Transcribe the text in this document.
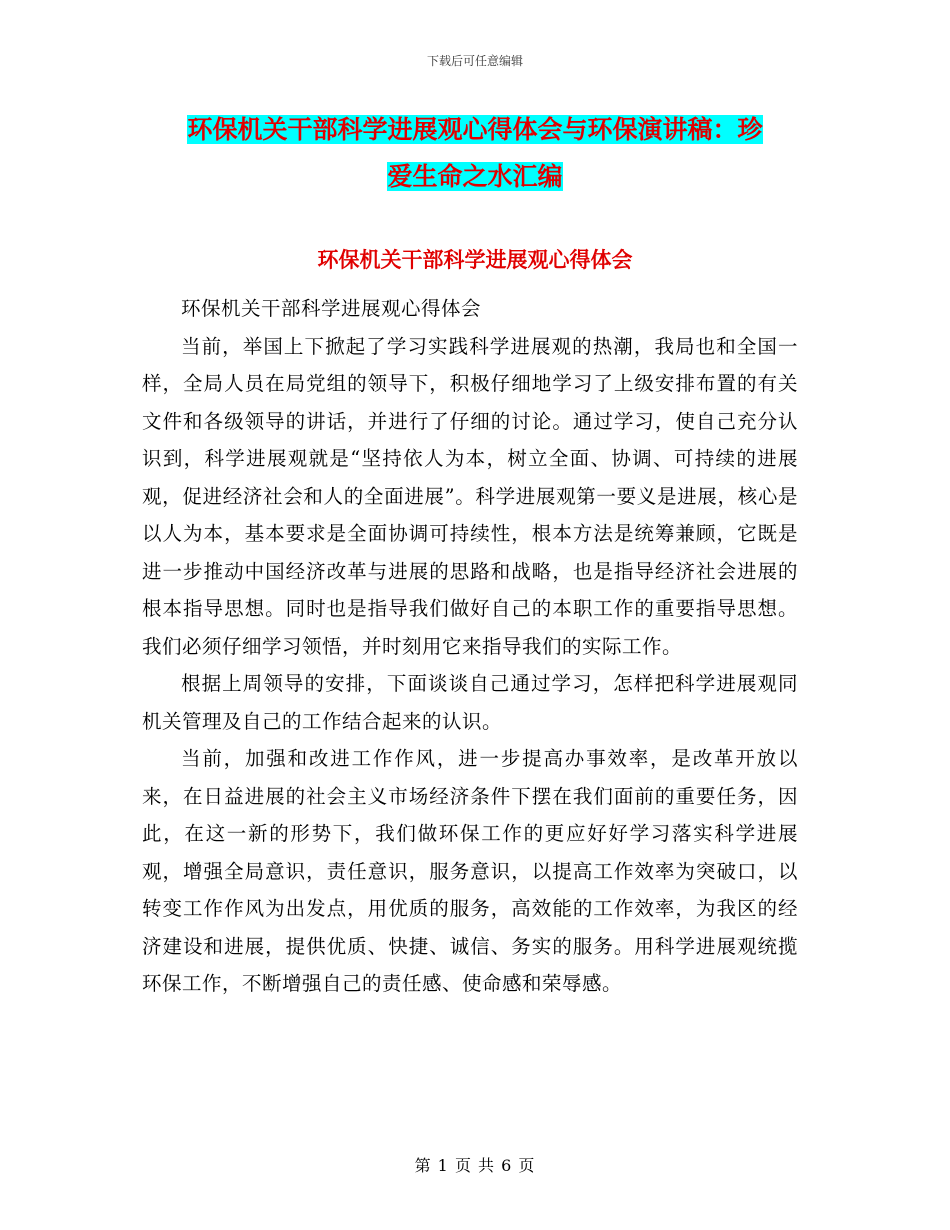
下载后可任意编辑
环保机关干部科学进展观心得体会与环保演讲稿：珍
爱生命之水汇编
环保机关干部科学进展观心得体会

环保机关干部科学进展观心得体会

当前，举国上下掀起了学习实践科学进展观的热潮，我局也和全国一样，全局人员在局党组的领导下，积极仔细地学习了上级安排布置的有关文件和各级领导的讲话，并进行了仔细的讨论。通过学习，使自己充分认识到，科学进展观就是“坚持依人为本，树立全面、协调、可持续的进展观，促进经济社会和人的全面进展”。科学进展观第一要义是进展，核心是以人为本，基本要求是全面协调可持续性，根本方法是统筹兼顾，它既是进一步推动中国经济改革与进展的思路和战略，也是指导经济社会进展的根本指导思想。同时也是指导我们做好自己的本职工作的重要指导思想。我们必须仔细学习领悟，并时刻用它来指导我们的实际工作。

根据上周领导的安排，下面谈谈自己通过学习，怎样把科学进展观同机关管理及自己的工作结合起来的认识。

当前，加强和改进工作作风，进一步提高办事效率，是改革开放以来，在日益进展的社会主义市场经济条件下摆在我们面前的重要任务，因此，在这一新的形势下，我们做环保工作的更应好好学习落实科学进展观，增强全局意识，责任意识，服务意识，以提高工作效率为突破口，以转变工作作风为出发点，用优质的服务，高效能的工作效率，为我区的经济建设和进展，提供优质、快捷、诚信、务实的服务。用科学进展观统揽环保工作，不断增强自己的责任感、使命感和荣辱感。

第 1 页 共 6 页
